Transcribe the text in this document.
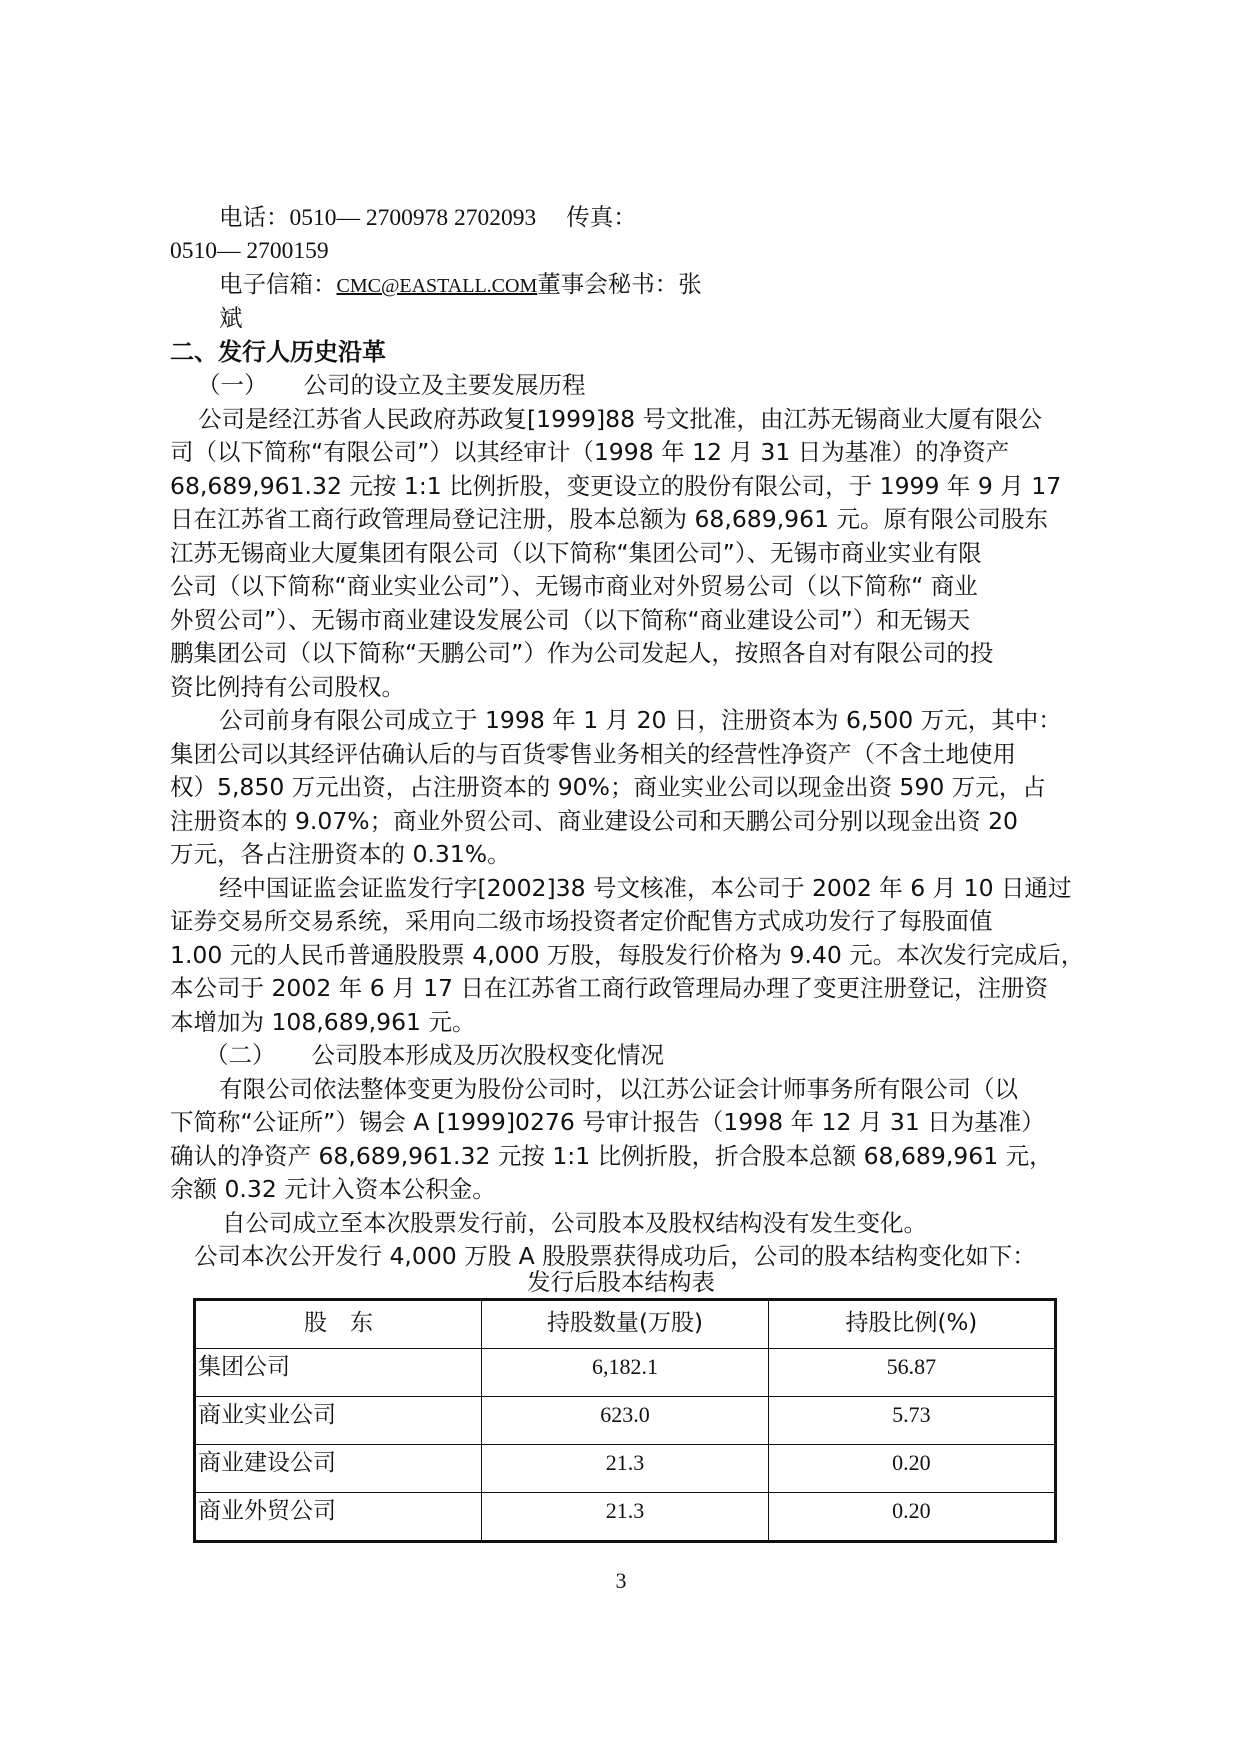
电话：0510— 2700978 2702093 传真：
0510— 2700159
电子信箱：CMC@EASTALL.COM董事会秘书：张
斌
二、发行人历史沿革
（一） 公司的设立及主要发展历程
公司是经江苏省人民政府苏政复[1999]88 号文批准，由江苏无锡商业大厦有限公
司（以下简称“有限公司”）以其经审计（1998 年 12 月 31 日为基准）的净资产
68,689,961.32 元按 1:1 比例折股，变更设立的股份有限公司，于 1999 年 9 月 17
日在江苏省工商行政管理局登记注册，股本总额为 68,689,961 元。原有限公司股东
江苏无锡商业大厦集团有限公司（以下简称“集团公司”）、无锡市商业实业有限
公司（以下简称“商业实业公司”）、无锡市商业对外贸易公司（以下简称“ 商业
外贸公司”）、无锡市商业建设发展公司（以下简称“商业建设公司”）和无锡天
鹏集团公司（以下简称“天鹏公司”）作为公司发起人，按照各自对有限公司的投
资比例持有公司股权。
公司前身有限公司成立于 1998 年 1 月 20 日，注册资本为 6,500 万元，其中：
集团公司以其经评估确认后的与百货零售业务相关的经营性净资产（不含土地使用
权）5,850 万元出资，占注册资本的 90%；商业实业公司以现金出资 590 万元，占
注册资本的 9.07%；商业外贸公司、商业建设公司和天鹏公司分别以现金出资 20
万元，各占注册资本的 0.31%。
经中国证监会证监发行字[2002]38 号文核准，本公司于 2002 年 6 月 10 日通过
证券交易所交易系统，采用向二级市场投资者定价配售方式成功发行了每股面值
1.00 元的人民币普通股股票 4,000 万股，每股发行价格为 9.40 元。本次发行完成后，
本公司于 2002 年 6 月 17 日在江苏省工商行政管理局办理了变更注册登记，注册资
本增加为 108,689,961 元。
（二） 公司股本形成及历次股权变化情况
有限公司依法整体变更为股份公司时，以江苏公证会计师事务所有限公司（以
下简称“公证所”）锡会 A [1999]0276 号审计报告（1998 年 12 月 31 日为基准）
确认的净资产 68,689,961.32 元按 1:1 比例折股，折合股本总额 68,689,961 元，
余额 0.32 元计入资本公积金。
自公司成立至本次股票发行前，公司股本及股权结构没有发生变化。
公司本次公开发行 4,000 万股 A 股股票获得成功后，公司的股本结构变化如下：
发行后股本结构表
股　东	持股数量(万股)	持股比例(%)
集团公司	6,182.1	56.87
商业实业公司	623.0	5.73
商业建设公司	21.3	0.20
商业外贸公司	21.3	0.20
3
